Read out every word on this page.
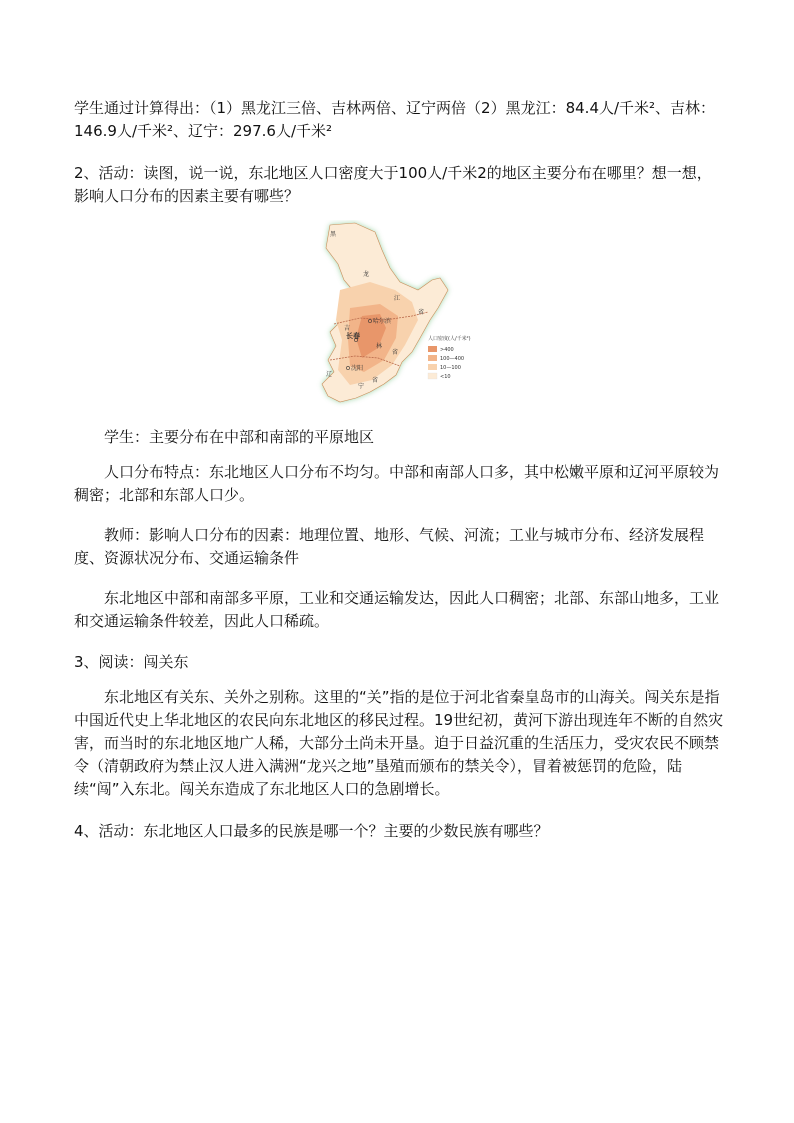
学生通过计算得出：（1）黑龙江三倍、吉林两倍、辽宁两倍（2）黑龙江：84.4人/千米²、吉林：146.9人/千米²、辽宁：297.6人/千米²
2、活动：读图，说一说，东北地区人口密度大于100人/千米2的地区主要分布在哪里？想一想，影响人口分布的因素主要有哪些？
黑
龙
江
省
吉
林
省
辽
宁
省
哈尔滨
长春
沈阳
人口密度(人/千米²)
>400
100—400
10—100
<10
学生：主要分布在中部和南部的平原地区
人口分布特点：东北地区人口分布不均匀。中部和南部人口多，其中松嫩平原和辽河平原较为稠密；北部和东部人口少。
教师：影响人口分布的因素：地理位置、地形、气候、河流；工业与城市分布、经济发展程度、资源状况分布、交通运输条件
东北地区中部和南部多平原，工业和交通运输发达，因此人口稠密；北部、东部山地多，工业和交通运输条件较差，因此人口稀疏。
3、阅读：闯关东
东北地区有关东、关外之别称。这里的“关”指的是位于河北省秦皇岛市的山海关。闯关东是指中国近代史上华北地区的农民向东北地区的移民过程。19世纪初，黄河下游出现连年不断的自然灾害，而当时的东北地区地广人稀，大部分土尚未开垦。迫于日益沉重的生活压力，受灾农民不顾禁令（清朝政府为禁止汉人进入满洲“龙兴之地”垦殖而颁布的禁关令），冒着被惩罚的危险，陆续“闯”入东北。闯关东造成了东北地区人口的急剧增长。
4、活动：东北地区人口最多的民族是哪一个？主要的少数民族有哪些？
